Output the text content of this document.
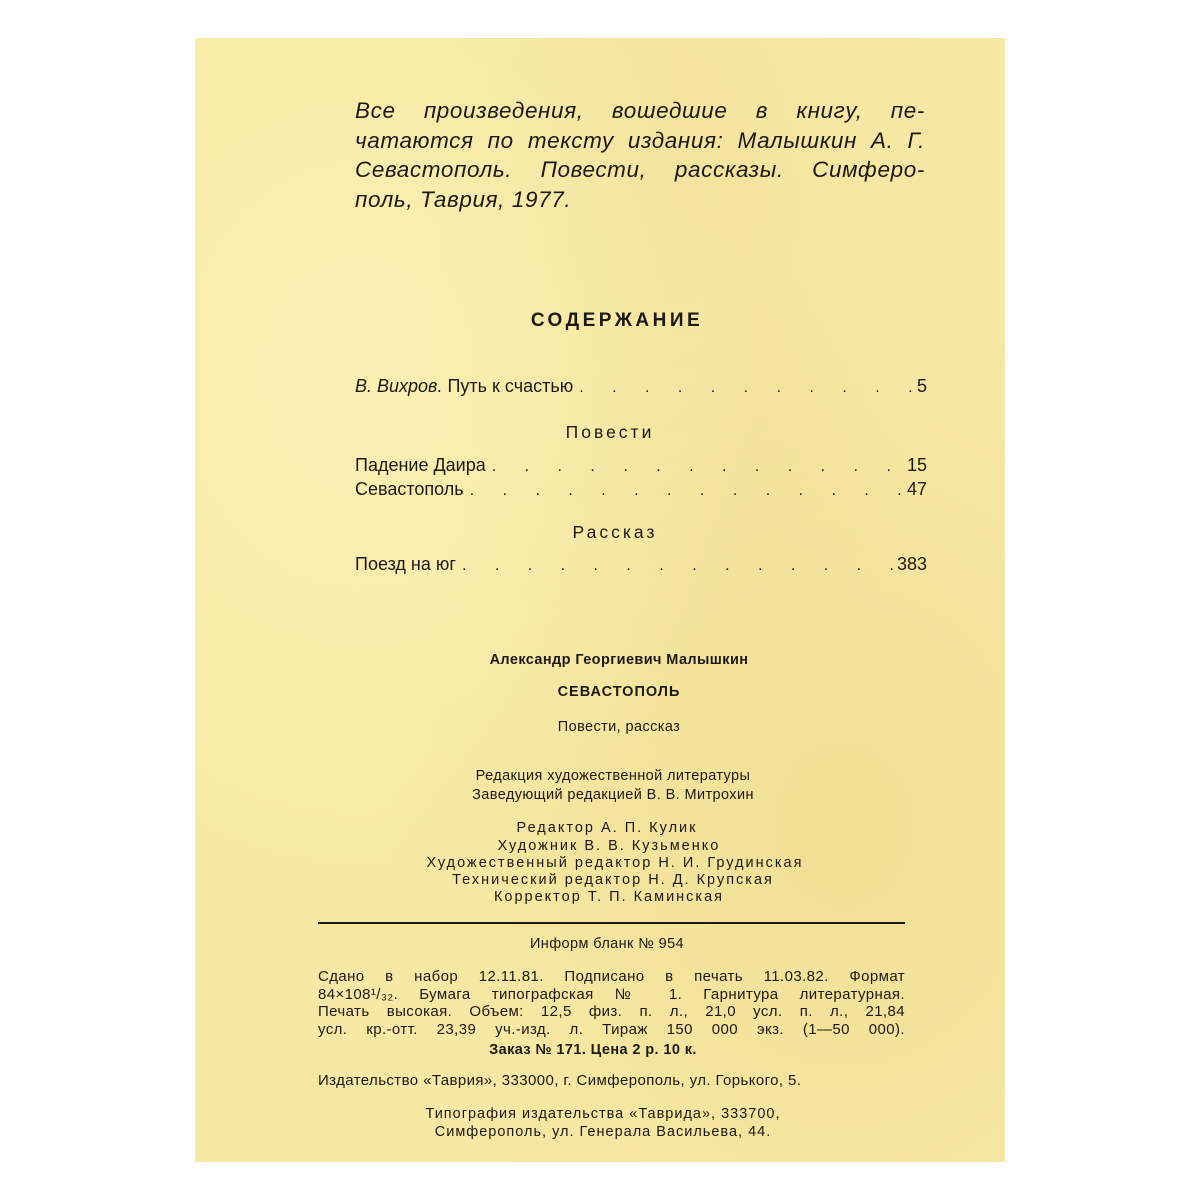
Все произведения, вошедшие в книгу, пе-
чатаются по тексту издания: Малышкин А. Г.
Севастополь. Повести, рассказы. Симферо-
поль, Таврия, 1977.
СОДЕРЖАНИЕ
В. Вихров.
Путь к счастью . . .	5
Повести
Падение Даира . . .	15
Севастополь . . .	47
Рассказ
Поезд на юг . . .	383
Александр Георгиевич Малышкин
СЕВАСТОПОЛЬ
Повести, рассказ
Редакция художественной литературы
Заведующий редакцией В. В. Митрохин
Редактор А. П. Кулик
Художник В. В. Кузьменко
Художественный редактор Н. И. Грудинская
Технический редактор Н. Д. Крупская
Корректор Т. П. Каминская
Информ бланк № 954
Сдано в набор 12.11.81. Подписано в печать 11.03.82. Формат
84×108¹/₃₂. Бумага типографская № 1. Гарнитура литературная.
Печать высокая. Объем: 12,5 физ. п. л., 21,0 усл. п. л., 21,84
усл. кр.-отт. 23,39 уч.-изд. л. Тираж 150 000 экз. (1—50 000).
Заказ № 171. Цена 2 р. 10 к.
Издательство «Таврия», 333000, г. Симферополь, ул. Горького, 5.
Типография издательства «Таврида», 333700,
Симферополь, ул. Генерала Васильева, 44.
